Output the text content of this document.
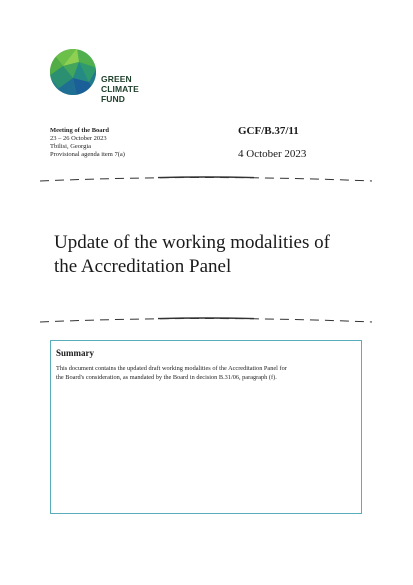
GREEN
CLIMATE
FUND
Meeting of the Board
23 – 26 October 2023
Tbilisi, Georgia
Provisional agenda item 7(a)
GCF/B.37/11
4 October 2023
Update of the working modalities of
the Accreditation Panel
Summary
This document contains the updated draft working modalities of the Accreditation Panel for
the Board's consideration, as mandated by the Board in decision B.31/06, paragraph (f).
